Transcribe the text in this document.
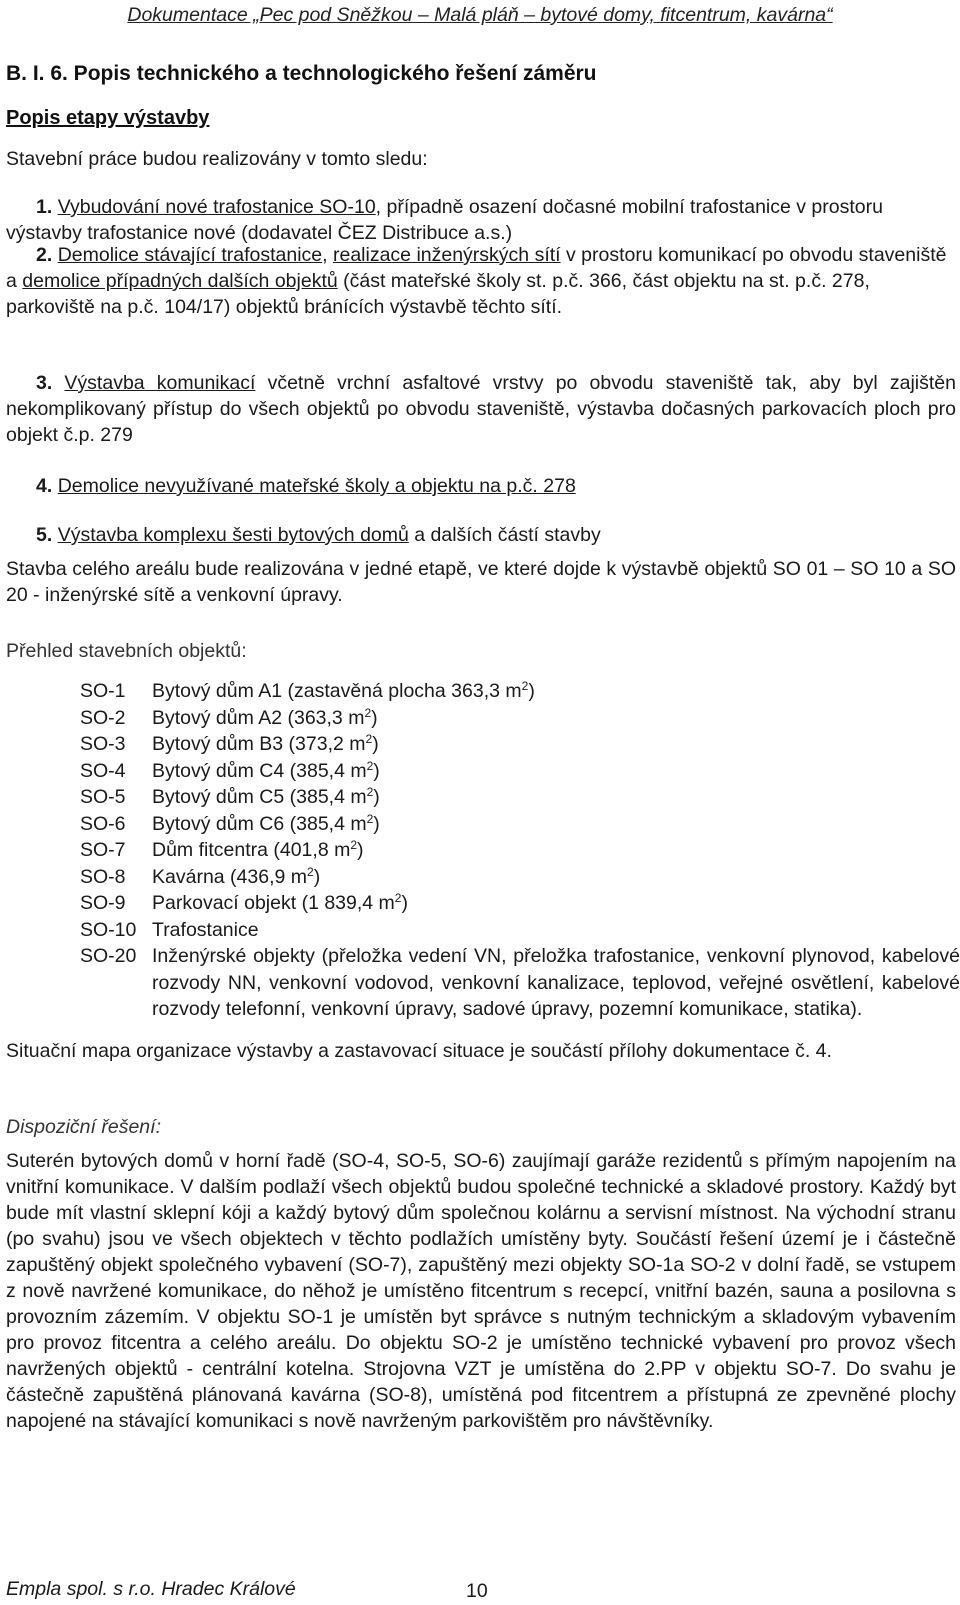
Dokumentace „Pec pod Sněžkou – Malá pláň – bytové domy, fitcentrum, kavárna“
B. I. 6. Popis technického a technologického řešení záměru
Popis etapy výstavby
Stavební práce budou realizovány v tomto sledu:
1. Vybudování nové trafostanice SO-10, případně osazení dočasné mobilní trafostanice v prostoru výstavby trafostanice nové (dodavatel ČEZ Distribuce a.s.)
2. Demolice stávající trafostanice, realizace inženýrských sítí v prostoru komunikací po obvodu staveniště a demolice případných dalších objektů (část mateřské školy st. p.č. 366, část objektu na st. p.č. 278, parkoviště na p.č. 104/17) objektů bránících výstavbě těchto sítí.
3. Výstavba komunikací včetně vrchní asfaltové vrstvy po obvodu staveniště tak, aby byl zajištěn nekomplikovaný přístup do všech objektů po obvodu staveniště, výstavba dočasných parkovacích ploch pro objekt č.p. 279
4. Demolice nevyužívané mateřské školy a objektu na p.č. 278
5. Výstavba komplexu šesti bytových domů a dalších částí stavby
Stavba celého areálu bude realizována v jedné etapě, ve které dojde k výstavbě objektů SO 01 – SO 10 a SO 20 - inženýrské sítě a venkovní úpravy.
Přehled stavebních objektů:
SO-1	Bytový dům A1 (zastavěná plocha 363,3 $m^2$)
SO-2	Bytový dům A2 (363,3 $m^2$)
SO-3	Bytový dům B3 (373,2 $m^2$)
SO-4	Bytový dům C4 (385,4 $m^2$)
SO-5	Bytový dům C5 (385,4 $m^2$)
SO-6	Bytový dům C6 (385,4 $m^2$)
SO-7	Dům fitcentra (401,8 $m^2$)
SO-8	Kavárna (436,9 $m^2$)
SO-9	Parkovací objekt (1 839,4 $m^2$)
SO-10 Trafostanice
SO-20 Inženýrské objekty (přeložka vedení VN, přeložka trafostanice, venkovní plynovod, kabelové rozvody NN, venkovní vodovod, venkovní kanalizace, teplovod, veřejné osvětlení, kabelové rozvody telefonní, venkovní úpravy, sadové úpravy, pozemní komunikace, statika).
Situační mapa organizace výstavby a zastavovací situace je součástí přílohy dokumentace č. 4.
Dispoziční řešení:
Suterén bytových domů v horní řadě (SO-4, SO-5, SO-6) zaujímají garáže rezidentů s přímým napojením na vnitřní komunikace. V dalším podlaží všech objektů budou společné technické a skladové prostory. Každý byt bude mít vlastní sklepní kóji a každý bytový dům společnou kolárnu a servisní místnost. Na východní stranu (po svahu) jsou ve všech objektech v těchto podlažích umístěny byty. Součástí řešení území je i částečně zapuštěný objekt společného vybavení (SO-7), zapuštěný mezi objekty SO-1a SO-2 v dolní řadě, se vstupem z nově navržené komunikace, do něhož je umístěno fitcentrum s recepcí, vnitřní bazén, sauna a posilovna s provozním zázemím. V objektu SO-1 je umístěn byt správce s nutným technickým a skladovým vybavením pro provoz fitcentra a celého areálu. Do objektu SO-2 je umístěno technické vybavení pro provoz všech navržených objektů - centrální kotelna. Strojovna VZT je umístěna do 2.PP v objektu SO-7. Do svahu je částečně zapuštěná plánovaná kavárna (SO-8), umístěná pod fitcentrem a přístupná ze zpevněné plochy napojené na stávající komunikaci s nově navrženým parkovištěm pro návštěvníky.
Empla spol. s r.o. Hradec Králové	10
